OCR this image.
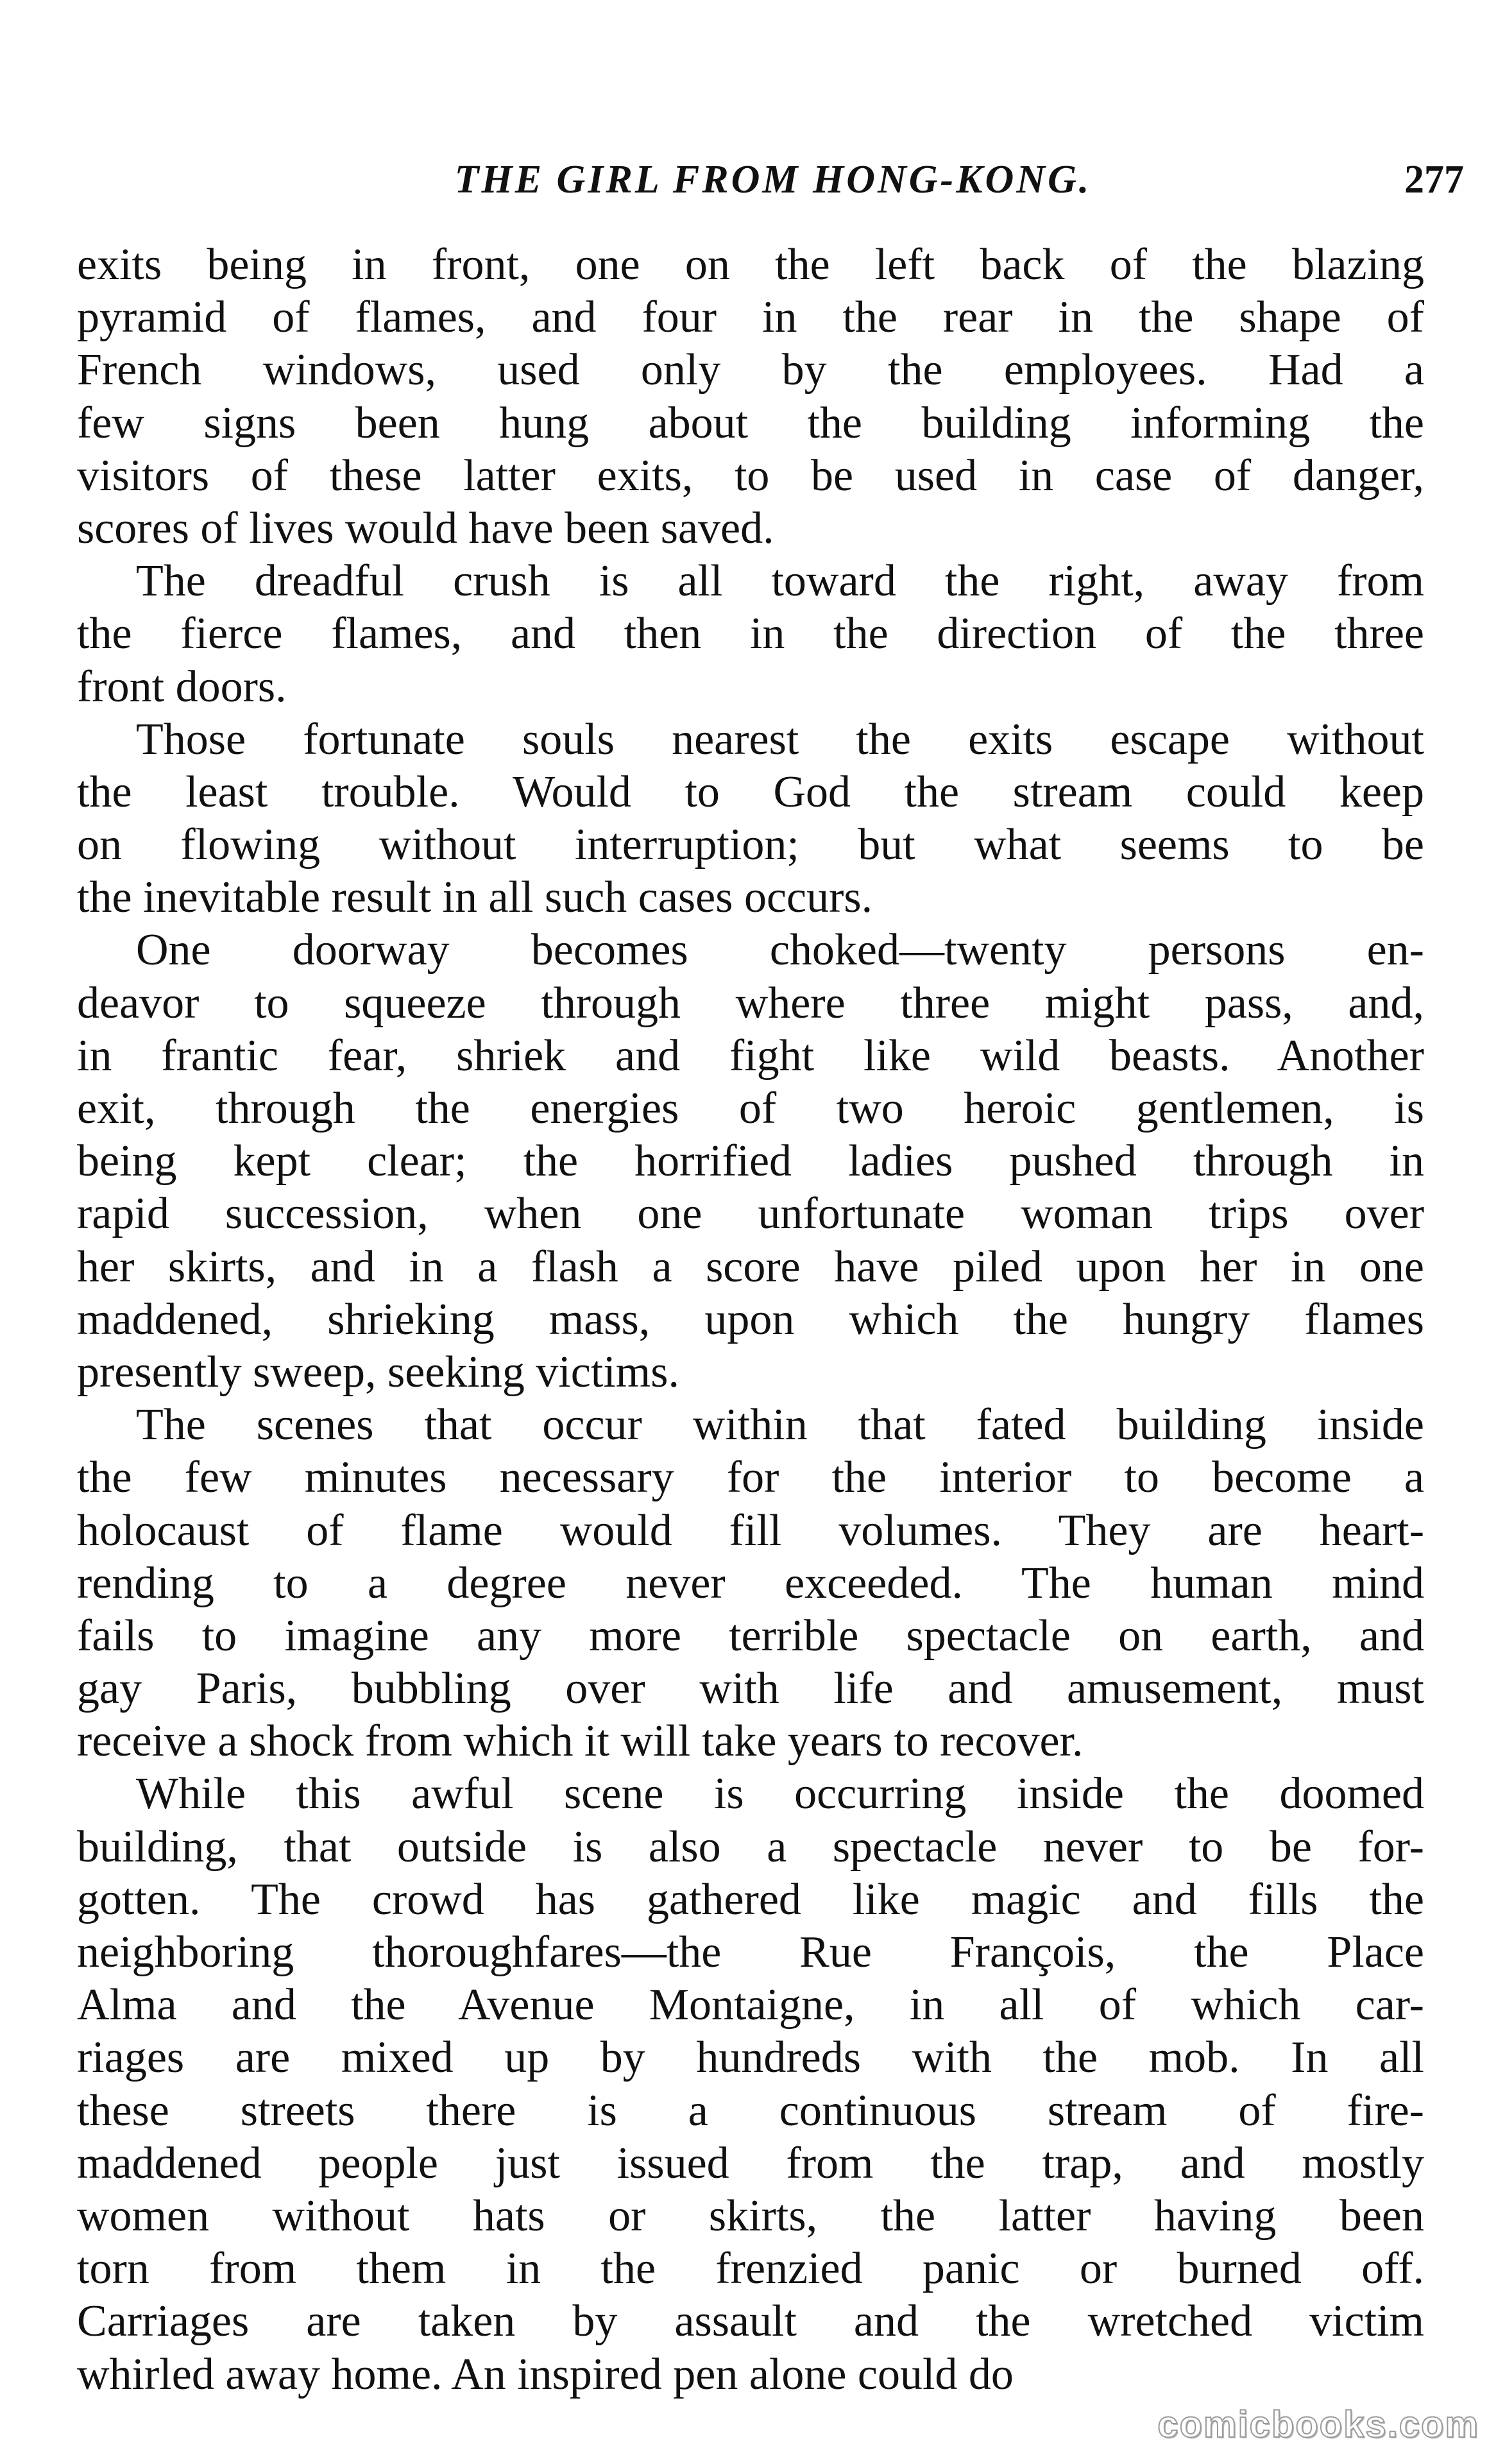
THE GIRL FROM HONG-KONG.	277
exits being in front, one on the left back of the blazing
pyramid of flames, and four in the rear in the shape of
French windows, used only by the employees. Had a
few signs been hung about the building informing the
visitors of these latter exits, to be used in case of danger,
scores of lives would have been saved.
The dreadful crush is all toward the right, away from
the fierce flames, and then in the direction of the three
front doors.
Those fortunate souls nearest the exits escape without
the least trouble. Would to God the stream could keep
on flowing without interruption; but what seems to be
the inevitable result in all such cases occurs.
One doorway becomes choked—twenty persons en-
deavor to squeeze through where three might pass, and,
in frantic fear, shriek and fight like wild beasts. Another
exit, through the energies of two heroic gentlemen, is
being kept clear; the horrified ladies pushed through in
rapid succession, when one unfortunate woman trips over
her skirts, and in a flash a score have piled upon her in one
maddened, shrieking mass, upon which the hungry flames
presently sweep, seeking victims.
The scenes that occur within that fated building inside
the few minutes necessary for the interior to become a
holocaust of flame would fill volumes. They are heart-
rending to a degree never exceeded. The human mind
fails to imagine any more terrible spectacle on earth, and
gay Paris, bubbling over with life and amusement, must
receive a shock from which it will take years to recover.
While this awful scene is occurring inside the doomed
building, that outside is also a spectacle never to be for-
gotten. The crowd has gathered like magic and fills the
neighboring thoroughfares—the Rue François, the Place
Alma and the Avenue Montaigne, in all of which car-
riages are mixed up by hundreds with the mob. In all
these streets there is a continuous stream of fire-
maddened people just issued from the trap, and mostly
women without hats or skirts, the latter having been
torn from them in the frenzied panic or burned off.
Carriages are taken by assault and the wretched victim
whirled away home. An inspired pen alone could do
comicbooks.com
